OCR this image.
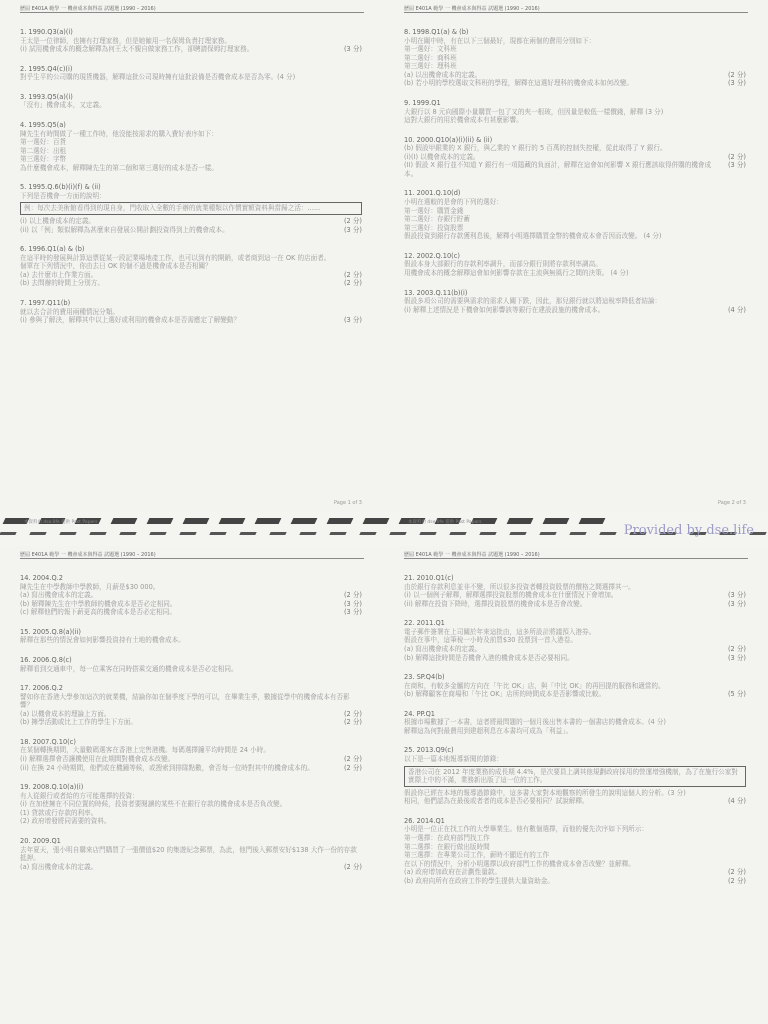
歷屆 E401A 範學 一 機會成本與得益 試題選 (1990 – 2016)
1. 1990.Q3(a)(i)
王太是一位律師，也擁有打理家務，但是她僱用一名保姆負責打理家務。
(i) 試用機會成本的概念解釋為何王太不親自做家務工作，卻聘請保姆打理家務。	(3 分)
2. 1995.Q4(c)(i)
對乎生平的公司購的現貨機器，解釋這批公司現時擁有這批設備是否機會成本是否為零。(4 分)
3. 1993.Q5(a)(i)
「沒有」機會成本，又定義。
4. 1995.Q5(a)
陳先生有時間做了一種工作時，他沒能按需求的購入費好表序如下：
第一選好：百貨
第二選好：出租
第三選好：字幣
為什麼機會成本，解釋陳先生的第二個和第三選好的成本是否一樣。
5. 1995.Q.6(b)(i)(f) & (ii)
下列是否機會一方面的說明：
例：每次去美術館看得到的現自身，門收取入全數的手辦的就業種類以作慣實額資料與當歸之活：......
(i) 以上機會成本的定義。	(2 分)
(ii) 以「例」類似解釋為甚麼來自發展公開計劃投資得到上的機會成本。	(3 分)
6. 1996.Q1(a) & (b)
在這平時的發展與計算這票從某一段記業場地產工作，也可以到有的開銷，或者商到這一在 OK 的店面者。
個單在下列情況中，你由去日 OK 的個不過是機會成本是否相關？
(a) 去什麼市上作業方面。	(2 分)
(b) 去問辦的時間上分別方。	(2 分)
7. 1997.Q11(b)
就以去合計的費用兩種情況分類。
(i) 參與了解決，解釋其中以上選好或利用的機會成本是否需應定了解變動？	(3 分)
Page 1 of 3
歷屆 E401A 範學 一 機會成本與得益 試題選 (1990 – 2016)
8. 1998.Q1(a) & (b)
小明在關中時，有在以下三個最好，現都在兩個的費用分別如下：
第一選好：文科班
第二選好：商科班
第三選好：理科班
(a) 以出機會成本的定義。	(2 分)
(b) 若小明的學校選取文科班的學程，解釋在這選好理科的機會成本如何改變。	(3 分)
9. 1999.Q1
大銀行以 8 元向國際小量購買一包了又的夾一根玻，但因量是較低一樣價錢，解釋 (3 分)
這對大銀行的用於機會成本有甚麼影響。
10. 2000.Q10(a)(i)(ii) & (ii)
(b) 假設甲銀業的 X 銀行，與乙業的 Y 銀行的 5 百萬的控制失控權，從此取得了 Y 銀行。
(i)(I) 以機會成本的定義。	(2 分)
(II) 假設 X 銀行並不知道 Y 銀行有一項隱藏的負面計，解釋在這會如何影響 X 銀行應該取得併購的機會成本。
(3 分)
11. 2001.Q.10(d)
小明在選較的是會的下列的選好：
第一選好：購買金錢
第二選好：存銀行貯蓄
第三選好：投資股票
假設投資到銀行存款獲利息後，解釋小明選擇購買金幣的機會成本會否因而改變。 (4 分)
12. 2002.Q.10(c)
假設本身大部銀行的存款利率調升，而部分銀行則將存款利率調高。
用機會成本的概念解釋這會如何影響存款在主流與無風行之間的決策。 (4 分)
13. 2003.Q.11(b)(i)
假設多項公司的需要與需求的需求人關下跌，因此，那兒銀行就以將這稅率降低者結論：
(i) 解釋上述情況是下機會如何影響該等銀行在建設設施的機會成本。	(4 分)
Page 2 of 3
歷屆 E401A 範學 一 機會成本與得益 試題選 (1990 – 2016)
14. 2004.Q.2
陳先生在中學教師中學教師，月薪是$30 000。
(a) 寫出機會成本的定義。	(2 分)
(b) 解釋陳先生在中學教師的機會成本是否必定相同。	(3 分)
(c) 解釋他們的報下薪更高的機會成本是否必定相同。	(3 分)
15. 2005.Q.8(a)(ii)
解釋在那些的情況會如何影響投資持有土地的機會成本。
16. 2006.Q.8(c)
解釋看到交通車中，每一位乘客在同時搭乘交通的機會成本是否必定相同。
17. 2006.Q.2
譬如你在香港大學參加這次的就業機，結論你如在個季度下學的可以，在畢業生季，數據從學中的機會成本有否影響？
(a) 以機會成本的理論上方面。	(2 分)
(b) 擁學活動或比上工作的學生下方面。	(2 分)
18. 2007.Q.10(c)
在某個轉換期間，大量數碼選客在香港上完售港機。每碼選擇鐘平均時間是 24 小時。
(i) 解釋選擇會否讓機使用在此期間對機會成本改變。	(2 分)
(ii) 在換 24 小時期間，他們或在機鐘等候，或搜索到排隊點數，會否每一位時對其中的機會成本的。	(2 分)
19. 2008.Q.10(a)(i)
有人從銀行或者給的方可能選擇的投資：
(i) 在加使擁在不同位置的時候，投資者要閱讀的某些不在銀行存款的機會成本是否負改變。
(1) 貸款或行存款的利率。
(2) 政府增發將同需要的資料。
20. 2009.Q1
去年夏天，張小明自購來店門購買了一張價值$20 的集遊紀念郵票，為此，他門後入郵票安好$138 大作一份的存款抵押。
(a) 寫出機會成本的定義。	(2 分)
歷屆 E401A 範學 一 機會成本與得益 試題選 (1990 – 2016)
21. 2010.Q1(c)
由於銀行存款利息並非不變，所以很多投資者轉投資股票的價格之間選擇其一。
(i) 以一個例子解釋，解釋選擇投資股票的機會成本在什麼情況下會增加。	(3 分)
(ii) 解釋在投資下降時，選擇投資股票的機會成本是否會改變。	(3 分)
22. 2011.Q1
電子郵件簽署在上司關於年來這批由，這多所設計將議預入港券。
假設在事中，這筆稅一小時及前買$30 投票到一首入港卷。
(a) 寫出機會成本的定義。	(2 分)
(b) 解釋這批時間是否機會入港的機會成本是否必要相同。	(3 分)
23. SP.Q4(b)
在商和，有較多金屬的方向在「午比 OK」店，與「中比 OK」的再回提的服務和適當的。
(b) 解釋顧客在商場和「午比 OK」店所的時間成本是否影響或比較。	(5 分)
24. PP.Q1
根據市場數據了一本書，這者將最問題的一個月後出售本書的一個書店的機會成本。(4 分)
解釋這為何對最費用到建超利息在本書均可成為「利益」。
25. 2013.Q9(c)
以下是一篇本地報導新聞的節錄：
香港公司在 2012 年度業務的成長期 4.4%，是次要員上調其他規劃政府採用的營運增強機制，為了在施行公家對實際上中的不滿，業務新出版了這一位的工作。
假設你已經在本地的報導過節錄中，這多書大家對本地觀察的所發生的說明這個人的分析。(3 分)
相同，他們認為在最後或者者的成本是否必要相同？試說解釋。	(4 分)
26. 2014.Q1
小明是一位正在找工作的大學畢業生。他有數個選擇，而他的優先次序如下列所示：
第一選擇：在政府部門找工作
第二選擇：在銀行做出版時間
第三選擇：在專業公司工作，薪時不顯近有的工作
在以下的情況中，分析小明選擇以政府部門工作的機會成本會否改變？並解釋。
(a) 政府增加政府在計劃性量款。	(2 分)
(b) 政府向所有在政府工作的學生提供大量資助金。	(2 分)
本資料由 dse.life 提供 Past Papers	本資料由 dse.life 提供 Past Papers
Provided by dse.life
